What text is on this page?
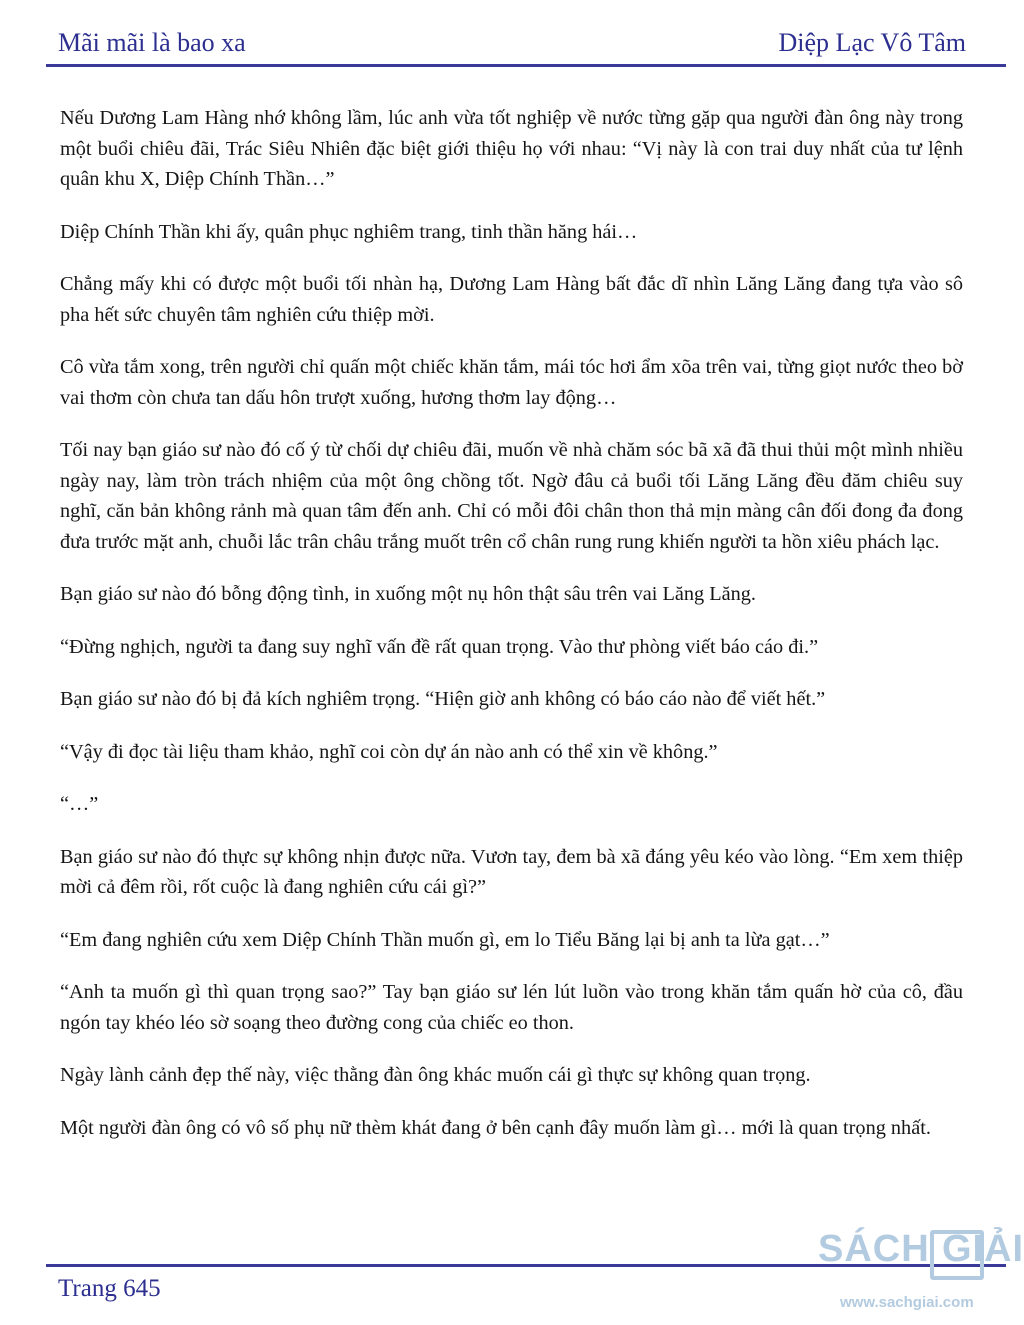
Mãi mãi là bao xa	Diệp Lạc Vô Tâm

Nếu Dương Lam Hàng nhớ không lầm, lúc anh vừa tốt nghiệp về nước từng gặp qua người đàn ông này trong một buổi chiêu đãi, Trác Siêu Nhiên đặc biệt giới thiệu họ với nhau: “Vị này là con trai duy nhất của tư lệnh quân khu X, Diệp Chính Thần…”

Diệp Chính Thần khi ấy, quân phục nghiêm trang, tinh thần hăng hái…

Chẳng mấy khi có được một buổi tối nhàn hạ, Dương Lam Hàng bất đắc dĩ nhìn Lăng Lăng đang tựa vào sô pha hết sức chuyên tâm nghiên cứu thiệp mời.

Cô vừa tắm xong, trên người chỉ quấn một chiếc khăn tắm, mái tóc hơi ẩm xõa trên vai, từng giọt nước theo bờ vai thơm còn chưa tan dấu hôn trượt xuống, hương thơm lay động…

Tối nay bạn giáo sư nào đó cố ý từ chối dự chiêu đãi, muốn về nhà chăm sóc bã xã đã thui thủi một mình nhiều ngày nay, làm tròn trách nhiệm của một ông chồng tốt. Ngờ đâu cả buổi tối Lăng Lăng đều đăm chiêu suy nghĩ, căn bản không rảnh mà quan tâm đến anh. Chỉ có mỗi đôi chân thon thả mịn màng cân đối đong đa đong đưa trước mặt anh, chuỗi lắc trân châu trắng muốt trên cổ chân rung rung khiến người ta hồn xiêu phách lạc.

Bạn giáo sư nào đó bỗng động tình, in xuống một nụ hôn thật sâu trên vai Lăng Lăng.

“Đừng nghịch, người ta đang suy nghĩ vấn đề rất quan trọng. Vào thư phòng viết báo cáo đi.”

Bạn giáo sư nào đó bị đả kích nghiêm trọng. “Hiện giờ anh không có báo cáo nào để viết hết.”

“Vậy đi đọc tài liệu tham khảo, nghĩ coi còn dự án nào anh có thể xin về không.”

“…”

Bạn giáo sư nào đó thực sự không nhịn được nữa. Vươn tay, đem bà xã đáng yêu kéo vào lòng. “Em xem thiệp mời cả đêm rồi, rốt cuộc là đang nghiên cứu cái gì?”

“Em đang nghiên cứu xem Diệp Chính Thần muốn gì, em lo Tiểu Băng lại bị anh ta lừa gạt…”

“Anh ta muốn gì thì quan trọng sao?” Tay bạn giáo sư lén lút luồn vào trong khăn tắm quấn hờ của cô, đầu ngón tay khéo léo sờ soạng theo đường cong của chiếc eo thon.

Ngày lành cảnh đẹp thế này, việc thằng đàn ông khác muốn cái gì thực sự không quan trọng.

Một người đàn ông có vô số phụ nữ thèm khát đang ở bên cạnh đây muốn làm gì… mới là quan trọng nhất.

Trang 645
SÁCH GIẢI
www.sachgiai.com
